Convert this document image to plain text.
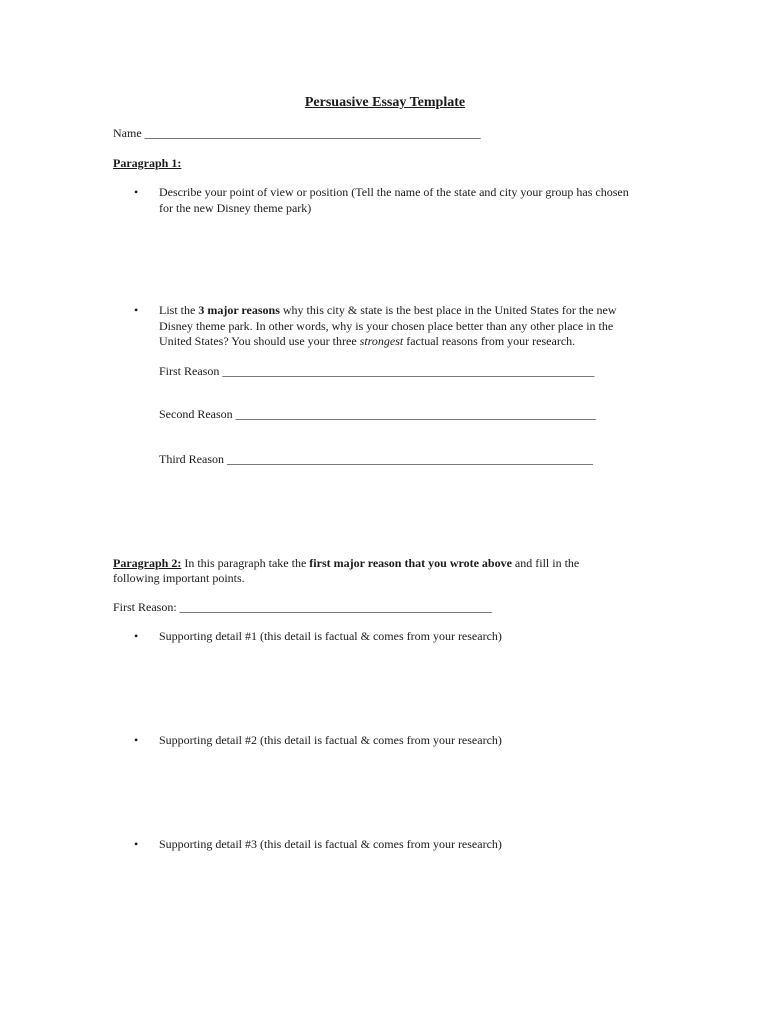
Persuasive Essay Template
Name ________________________________________________________
Paragraph 1:
• Describe your point of view or position (Tell the name of the state and city your group has chosen
for the new Disney theme park)
• List the 3 major reasons why this city & state is the best place in the United States for the new
Disney theme park. In other words, why is your chosen place better than any other place in the
United States? You should use your three strongest factual reasons from your research.
First Reason ______________________________________________________________
Second Reason ____________________________________________________________
Third Reason _____________________________________________________________
Paragraph 2: In this paragraph take the first major reason that you wrote above and fill in the
following important points.
First Reason: ____________________________________________________
• Supporting detail #1 (this detail is factual & comes from your research)
• Supporting detail #2 (this detail is factual & comes from your research)
• Supporting detail #3 (this detail is factual & comes from your research)
